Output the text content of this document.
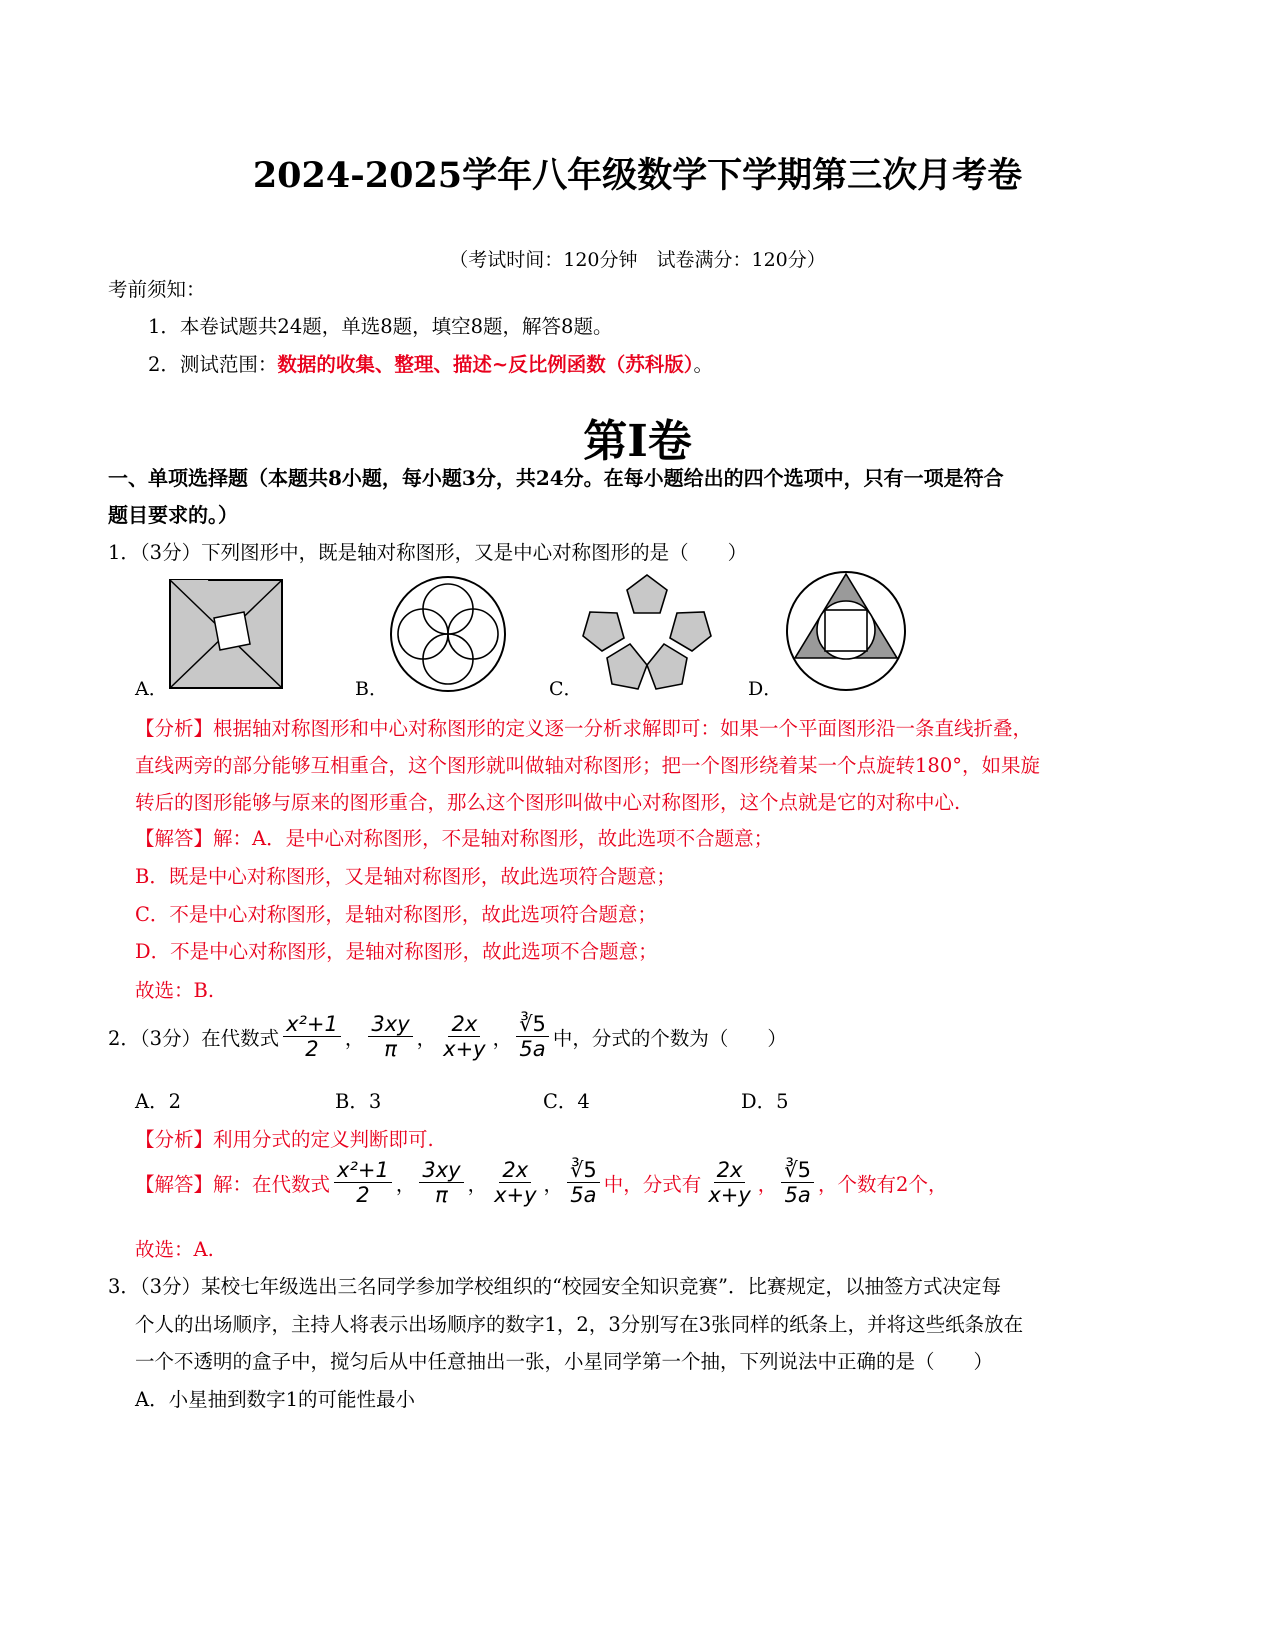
2024-2025学年八年级数学下学期第三次月考卷
（考试时间：120分钟　试卷满分：120分）
考前须知：
1．本卷试题共24题，单选8题，填空8题，解答8题。
2．测试范围：数据的收集、整理、描述~反比例函数（苏科版）。
第Ⅰ卷
一、单项选择题（本题共8小题，每小题3分，共24分。在每小题给出的四个选项中，只有一项是符合
题目要求的。）
1．（3分）下列图形中，既是轴对称图形，又是中心对称图形的是（　　）
A．	B．	C．	D．
【分析】根据轴对称图形和中心对称图形的定义逐一分析求解即可：如果一个平面图形沿一条直线折叠，
直线两旁的部分能够互相重合，这个图形就叫做轴对称图形；把一个图形绕着某一个点旋转180°，如果旋
转后的图形能够与原来的图形重合，那么这个图形叫做中心对称图形，这个点就是它的对称中心.
【解答】解：A．是中心对称图形，不是轴对称图形，故此选项不合题意；
B．既是中心对称图形，又是轴对称图形，故此选项符合题意；
C．不是中心对称图形，是轴对称图形，故此选项符合题意；
D．不是中心对称图形，是轴对称图形，故此选项不合题意；
故选：B.
2．（3分）在代数式 $\frac{\text{x²+1}}{2}$ ， $\frac{3xy}{\pi}$ ， $\frac{2x}{x+y}$ ， $\frac{∛5}{5a}$ 中，分式的个数为（　　）
A．2	B．3	C．4	D．5
【分析】利用分式的定义判断即可.
【解答】解：在代数式 $\frac{\text{x²+1}}{2}$ ， $\frac{3xy}{\pi}$ ， $\frac{2x}{x+y}$ ， $\frac{∛5}{5a}$ 中，分式有 $\frac{2x}{x+y}$ ， $\frac{∛5}{5a}$ ，个数有2个，
故选：A.
3．（3分）某校七年级选出三名同学参加学校组织的“校园安全知识竞赛”．比赛规定，以抽签方式决定每
个人的出场顺序，主持人将表示出场顺序的数字1，2，3分别写在3张同样的纸条上，并将这些纸条放在
一个不透明的盒子中，搅匀后从中任意抽出一张，小星同学第一个抽，下列说法中正确的是（　　）
A．小星抽到数字1的可能性最小
